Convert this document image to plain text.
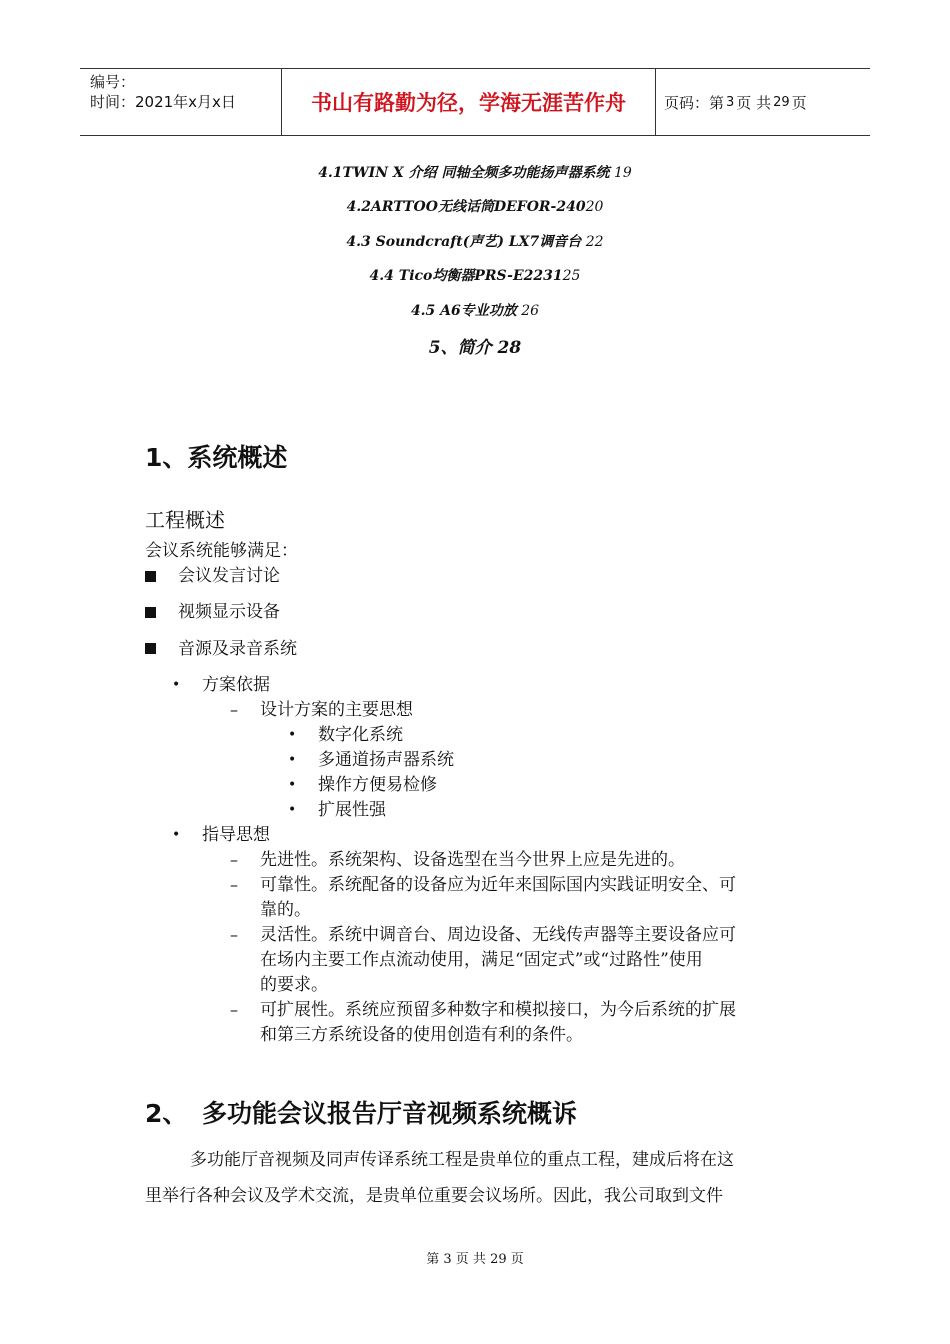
编号：
时间：2021年x月x日	书山有路勤为径，学海无涯苦作舟	页码：第 3 页 共 29 页
4.1TWIN X 介绍 同轴全频多功能扬声器系统 19
4.2ARTTOO无线话筒DEFOR-24020
4.3 Soundcraft(声艺) LX7调音台 22
4.4 Tico均衡器PRS-E223125
4.5 A6专业功放 26
5、简介 28
1、系统概述
工程概述
会议系统能够满足：
会议发言讨论
视频显示设备
音源及录音系统
• 方案依据
– 设计方案的主要思想
• 数字化系统
• 多通道扬声器系统
• 操作方便易检修
• 扩展性强
• 指导思想
– 先进性。系统架构、设备选型在当今世界上应是先进的。
– 可靠性。系统配备的设备应为近年来国际国内实践证明安全、可
靠的。
– 灵活性。系统中调音台、周边设备、无线传声器等主要设备应可
在场内主要工作点流动使用，满足“固定式”或“过路性”使用
的要求。
– 可扩展性。系统应预留多种数字和模拟接口，为今后系统的扩展
和第三方系统设备的使用创造有利的条件。
2、 多功能会议报告厅音视频系统概诉
多功能厅音视频及同声传译系统工程是贵单位的重点工程，建成后将在这
里举行各种会议及学术交流，是贵单位重要会议场所。因此，我公司取到文件
第 3 页 共 29 页
